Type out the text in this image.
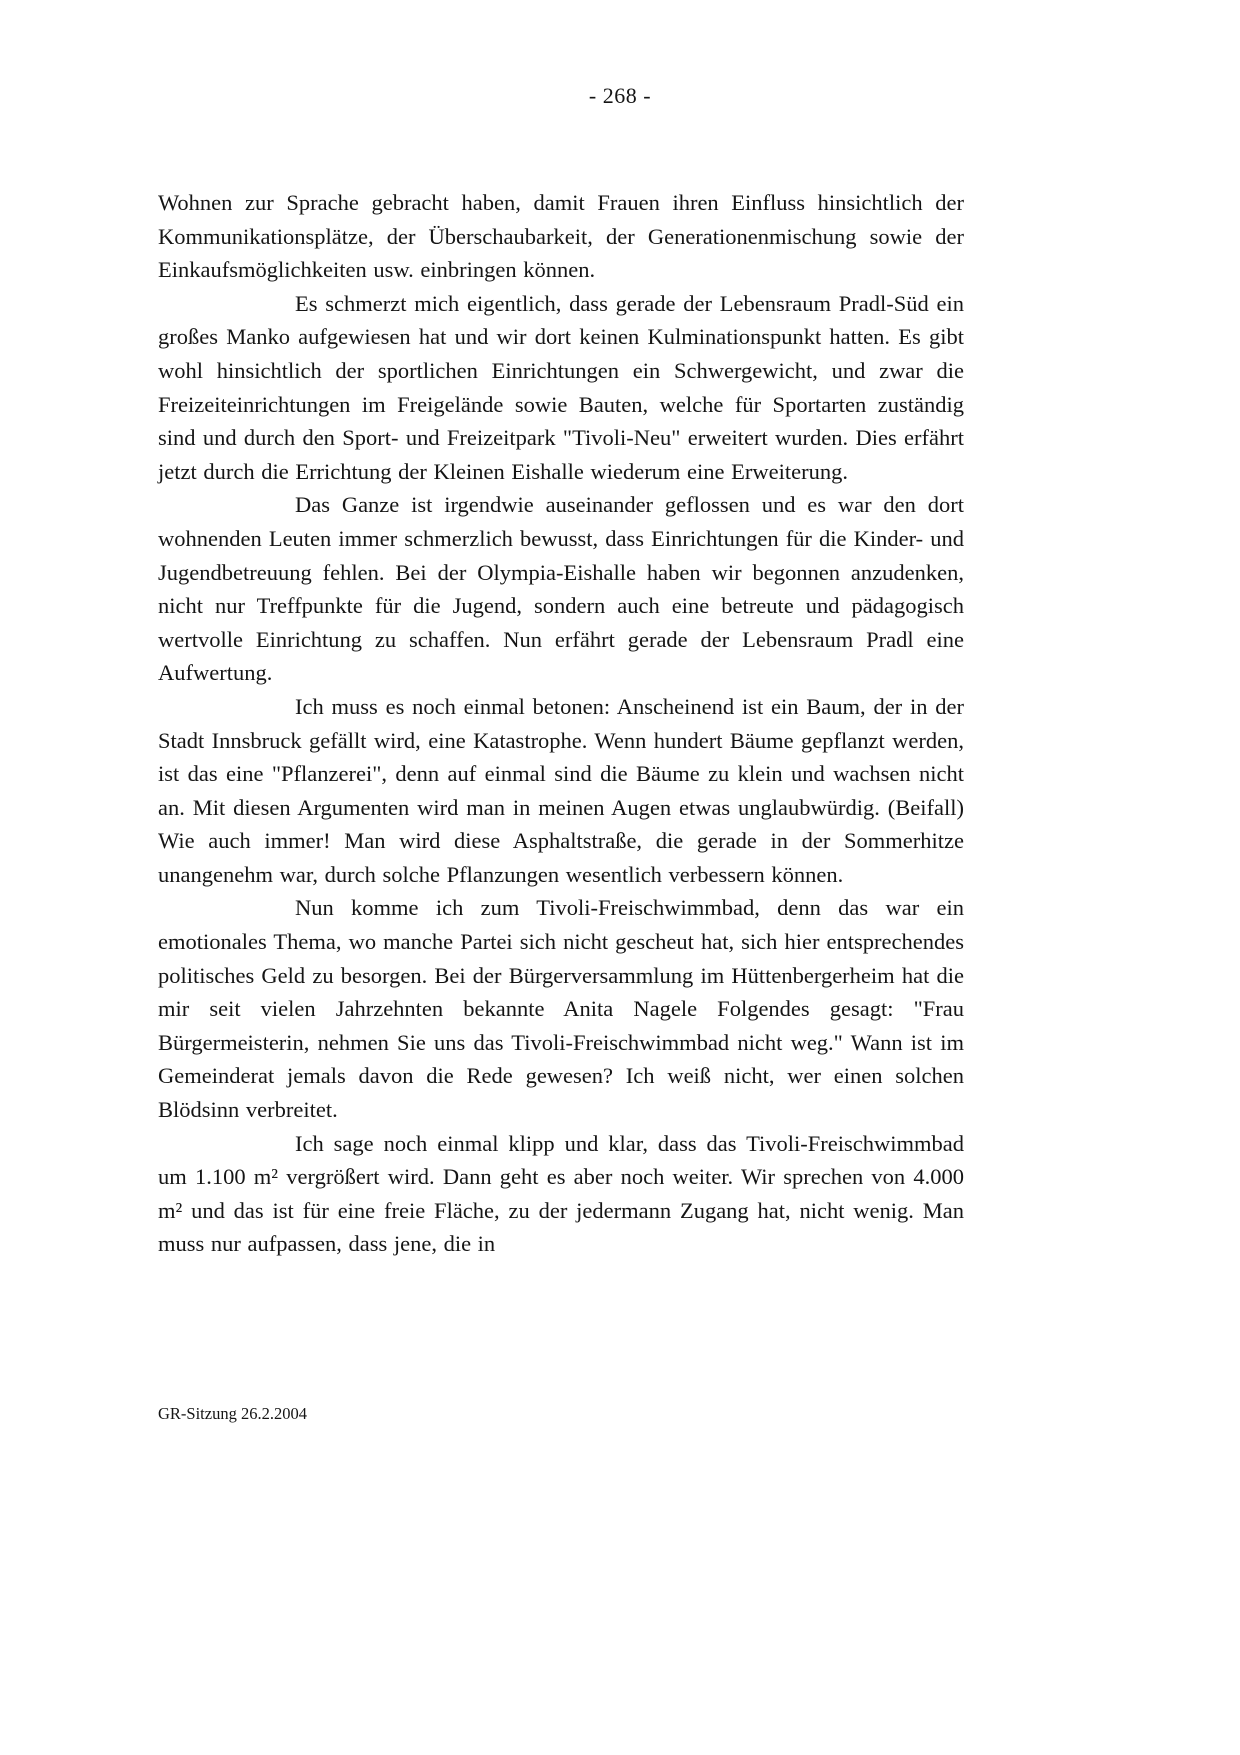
- 268 -

Wohnen zur Sprache gebracht haben, damit Frauen ihren Einfluss hinsichtlich der Kommunikationsplätze, der Überschaubarkeit, der Generationenmischung sowie der Einkaufsmöglichkeiten usw. einbringen können.

Es schmerzt mich eigentlich, dass gerade der Lebensraum Pradl-Süd ein großes Manko aufgewiesen hat und wir dort keinen Kulminationspunkt hatten. Es gibt wohl hinsichtlich der sportlichen Einrichtungen ein Schwergewicht, und zwar die Freizeiteinrichtungen im Freigelände sowie Bauten, welche für Sportarten zuständig sind und durch den Sport- und Freizeitpark "Tivoli-Neu" erweitert wurden. Dies erfährt jetzt durch die Errichtung der Kleinen Eishalle wiederum eine Erweiterung.

Das Ganze ist irgendwie auseinander geflossen und es war den dort wohnenden Leuten immer schmerzlich bewusst, dass Einrichtungen für die Kinder- und Jugendbetreuung fehlen. Bei der Olympia-Eishalle haben wir begonnen anzudenken, nicht nur Treffpunkte für die Jugend, sondern auch eine betreute und pädagogisch wertvolle Einrichtung zu schaffen. Nun erfährt gerade der Lebensraum Pradl eine Aufwertung.

Ich muss es noch einmal betonen: Anscheinend ist ein Baum, der in der Stadt Innsbruck gefällt wird, eine Katastrophe. Wenn hundert Bäume gepflanzt werden, ist das eine "Pflanzerei", denn auf einmal sind die Bäume zu klein und wachsen nicht an. Mit diesen Argumenten wird man in meinen Augen etwas unglaubwürdig. (Beifall) Wie auch immer! Man wird diese Asphaltstraße, die gerade in der Sommerhitze unangenehm war, durch solche Pflanzungen wesentlich verbessern können.

Nun komme ich zum Tivoli-Freischwimmbad, denn das war ein emotionales Thema, wo manche Partei sich nicht gescheut hat, sich hier entsprechendes politisches Geld zu besorgen. Bei der Bürgerversammlung im Hüttenbergerheim hat die mir seit vielen Jahrzehnten bekannte Anita Nagele Folgendes gesagt: "Frau Bürgermeisterin, nehmen Sie uns das Tivoli-Freischwimmbad nicht weg." Wann ist im Gemeinderat jemals davon die Rede gewesen? Ich weiß nicht, wer einen solchen Blödsinn verbreitet.

Ich sage noch einmal klipp und klar, dass das Tivoli-Freischwimmbad um 1.100 m² vergrößert wird. Dann geht es aber noch weiter. Wir sprechen von 4.000 m² und das ist für eine freie Fläche, zu der jedermann Zugang hat, nicht wenig. Man muss nur aufpassen, dass jene, die in

GR-Sitzung 26.2.2004
